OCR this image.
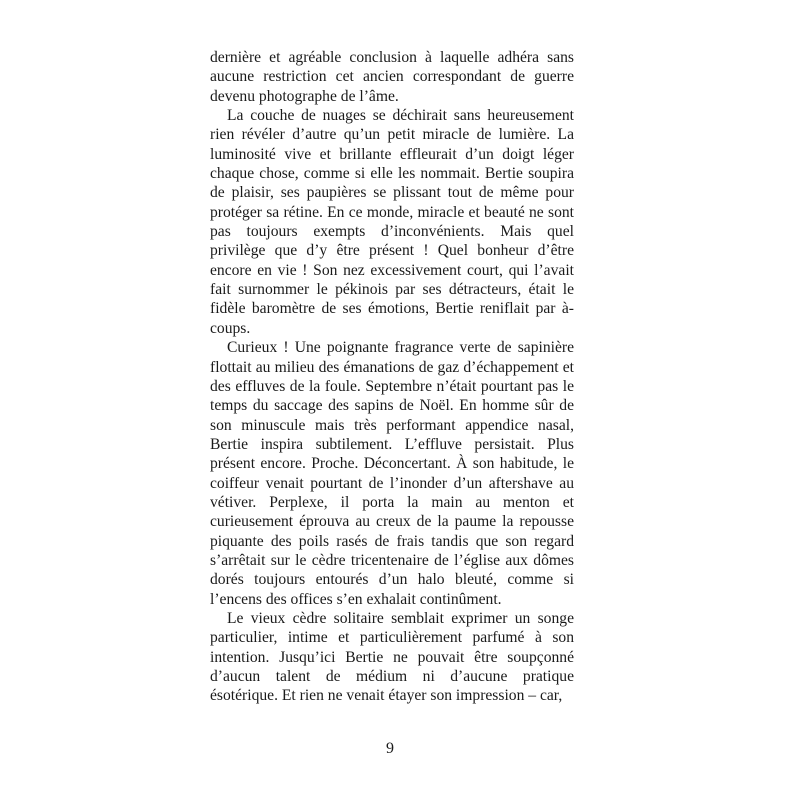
dernière et agréable conclusion à laquelle adhéra sans aucune restriction cet ancien correspondant de guerre devenu photographe de l’âme.

La couche de nuages se déchirait sans heureusement rien révéler d’autre qu’un petit miracle de lumière. La luminosité vive et brillante effleurait d’un doigt léger chaque chose, comme si elle les nommait. Bertie soupira de plaisir, ses paupières se plissant tout de même pour protéger sa rétine. En ce monde, miracle et beauté ne sont pas toujours exempts d’inconvénients. Mais quel privilège que d’y être présent ! Quel bonheur d’être encore en vie ! Son nez excessivement court, qui l’avait fait surnommer le pékinois par ses détracteurs, était le fidèle baromètre de ses émotions, Bertie reniflait par à-coups.

Curieux ! Une poignante fragrance verte de sapinière flottait au milieu des émanations de gaz d’échappement et des effluves de la foule. Septembre n’était pourtant pas le temps du saccage des sapins de Noël. En homme sûr de son minuscule mais très performant appendice nasal, Bertie inspira subtilement. L’effluve persistait. Plus présent encore. Proche. Déconcertant. À son habitude, le coiffeur venait pourtant de l’inonder d’un aftershave au vétiver. Perplexe, il porta la main au menton et curieusement éprouva au creux de la paume la repousse piquante des poils rasés de frais tandis que son regard s’arrêtait sur le cèdre tricentenaire de l’église aux dômes dorés toujours entourés d’un halo bleuté, comme si l’encens des offices s’en exhalait continûment.

Le vieux cèdre solitaire semblait exprimer un songe particulier, intime et particulièrement parfumé à son intention. Jusqu’ici Bertie ne pouvait être soupçonné d’aucun talent de médium ni d’aucune pratique ésotérique. Et rien ne venait étayer son impression – car,

9
